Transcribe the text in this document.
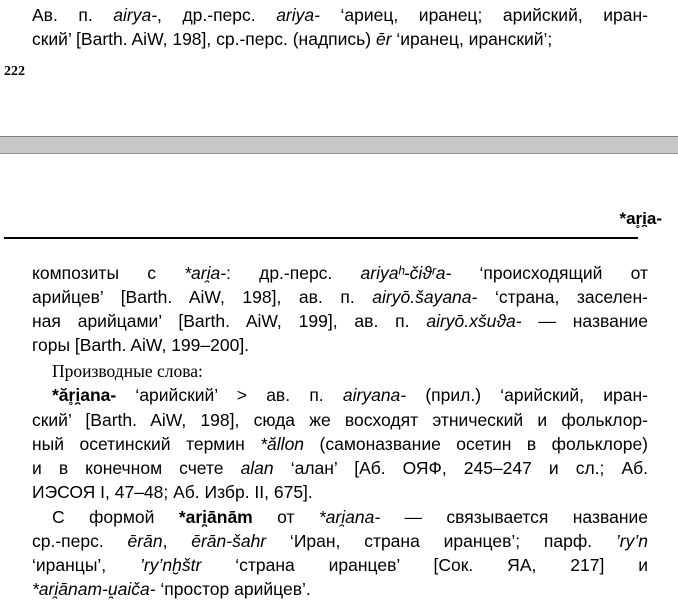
Ав. п. airya-, др.-перс. ariya- ‘ариец, иранец; арийский, иран-
ский’ [Barth. AiW, 198], ср.-перс. (надпись) ēr ‘иранец, иранский’;
222
*ar̥i̯a-
композиты с *ari̯a-: др.-перс. ariyaʰ-čiϑʳa- ‘происходящий от
арийцев’ [Barth. AiW, 198], ав. п. airyō.šayana- ‘страна, заселен-
ная арийцами’ [Barth. AiW, 199], ав. п. airyō.xšuϑa- — название
горы [Barth. AiW, 199–200].
Производные слова:
*ăr̥i̯ana- ‘арийский’ > ав. п. airyana- (прил.) ‘арийский, иран-
ский’ [Barth. AiW, 198], сюда же восходят этнический и фольклор-
ный осетинский термин *ăllon (самоназвание осетин в фольклоре)
и в конечном счете alan ‘алан’ [Аб. ОЯФ, 245–247 и сл.; Аб.
ИЭСОЯ I, 47–48; Аб. Избр. II, 675].
С формой *ari̯ānām от *ari̯ana- — связывается название
ср.-перс. ērān, ērān-šahr ‘Иран, страна иранцев’; парф. ’ry’n
‘иранцы’, ’ry’nḫštr ‘страна иранцев’ [Сок. ЯА, 217] и
*ari̯ānam-u̯aiča- ‘простор арийцев’.
